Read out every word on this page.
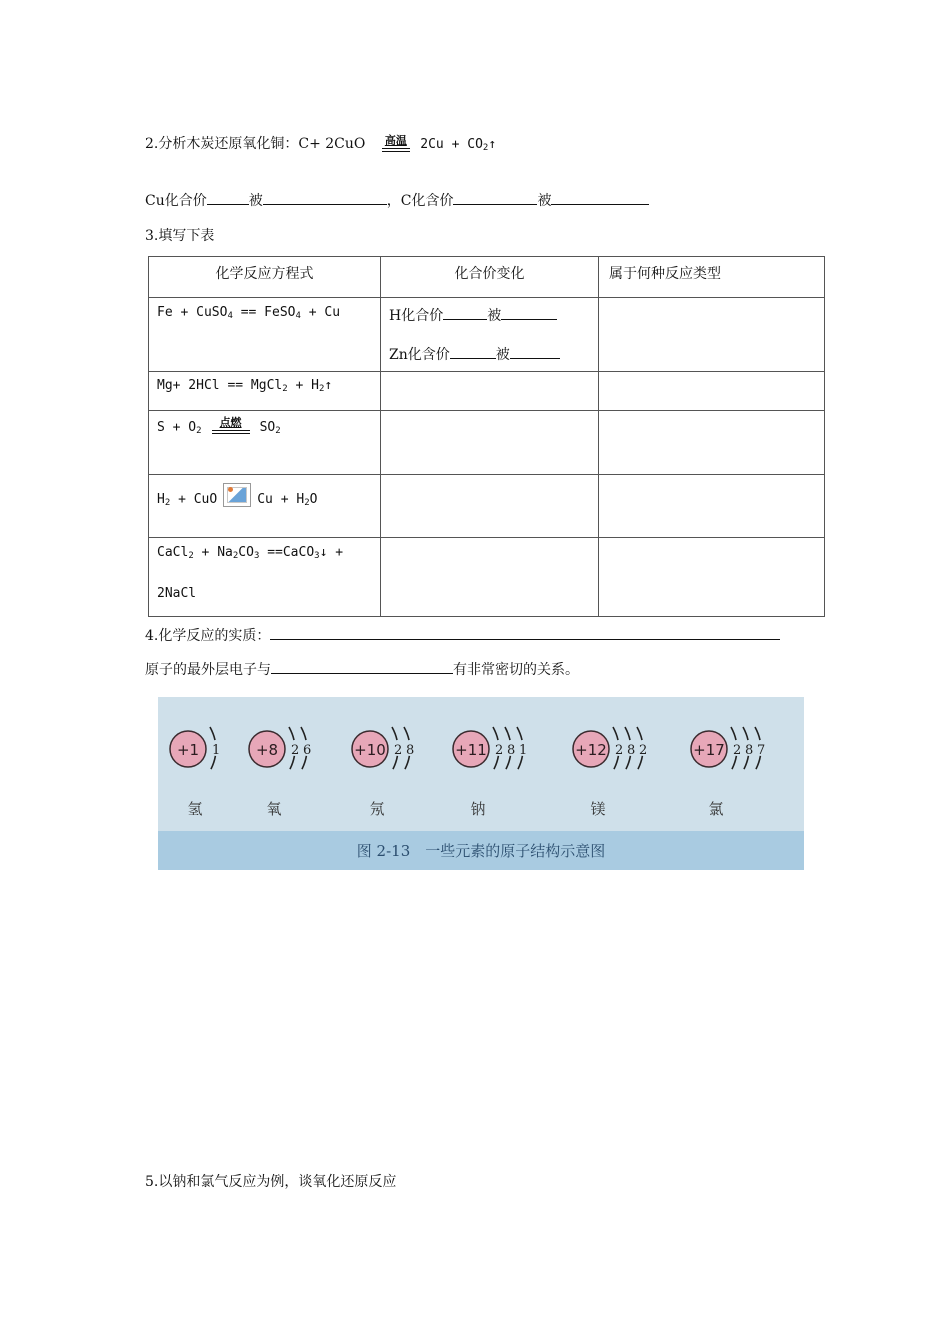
2.分析木炭还原氧化铜：C+ 2CuO 高温 $2Cu + CO_2↑$
Cu化合价	被	，C化含价	被
3.填写下表
化学反应方程式	化合价变化	属于何种反应类型

Fe + CuSO$_4$ == FeSO$_4$ + Cu	H化合价 被
Zn化含价 被	

Mg+ 2HCl == MgCl$_2$ + $H_2↑$		

$S + O_2$
点燃 $SO_2$

$H_2$ + CuO $Cu + H_2O$		

CaCl$_2$ + $Na_2CO_3$ ==CaCO$_3$↓ +
2NaCl		

4.化学反应的实质：
原子的最外层电子与	有非常密切的关系。
+1 1
氢
+8 2 6
氧
+10 2 8
氖
+11 2 8 1
钠
+12 2 8 2
镁
+17 2 8 7
氯
图 2-13　一些元素的原子结构示意图
5.以钠和氯气反应为例，谈氧化还原反应
